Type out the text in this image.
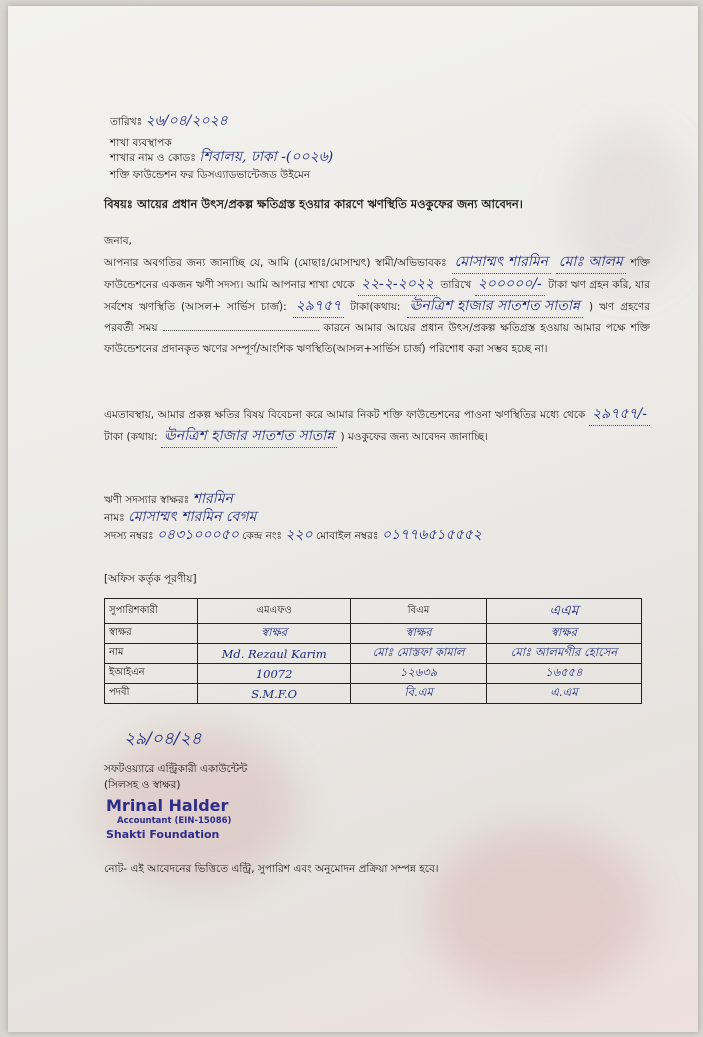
তারিখঃ ২৬/০৪/২০২৪
শাখা ব্যবস্থাপক
শাখার নাম ও কোডঃ শিবালয়, ঢাকা -(০০২৬)
শক্তি ফাউন্ডেশন ফর ডিসএ্যাডভান্টেজড উইমেন
বিষয়ঃ আয়ের প্রধান উৎস/প্রকল্প ক্ষতিগ্রস্ত হওয়ার কারণে ঋণস্থিতি মওকুফের জন্য আবেদন।
জনাব,
আপনার অবগতির জন্য জানাচ্ছি যে, আমি (মোছাঃ/মোসাম্মৎ) স্বামী/অভিভাবকঃ মোসাম্মৎ শারমিন মোঃ আলম শক্তি ফাউন্ডেশনের একজন ঋণী সদস্য। আমি আপনার শাখা থেকে ২২-২-২০২২ তারিখে ২০০০০০/- টাকা ঋণ গ্রহন করি, যার সর্বশেষ ঋণস্থিতি (আসল+ সার্ভিস চার্জ): ২৯৭৫৭ টাকা(কথায়: ঊনত্রিশ হাজার সাতশত সাতান্ন ) ঋণ গ্রহণের পরবর্তী সময়	কারনে আমার আয়ের প্রধান উৎস/প্রকল্প ক্ষতিগ্রস্ত হওয়ায় আমার পক্ষে শক্তি ফাউন্ডেশনের প্রদানকৃত ঋণের সম্পূর্ণ/আংশিক ঋণস্থিতি(আসল+সার্ভিস চার্জ) পরিশোধ করা সম্ভব হচ্ছে না।
এমতাবস্থায়, আমার প্রকল্প ক্ষতির বিষয় বিবেচনা করে আমার নিকট শক্তি ফাউন্ডেশনের পাওনা ঋণস্থিতির মধ্যে থেকে ২৯৭৫৭/- টাকা (কথায়: ঊনত্রিশ হাজার সাতশত সাতান্ন ) মওকুফের জন্য আবেদন জানাচ্ছি।
ঋণী সদস্যার স্বাক্ষরঃ শারমিন
নামঃ মোসাম্মৎ শারমিন বেগম
সদস্য নম্বরঃ ০৪৩১০০০৫০ কেন্দ্র নংঃ ২২০ মোবাইল নম্বরঃ ০১৭৭৬৫১৫৫৫২
[অফিস কর্তৃক পূরণীয়]
সুপারিশকারী	এমএফও	বিএম	এএম
স্বাক্ষর	স্বাক্ষর	স্বাক্ষর	স্বাক্ষর
নাম	Md. Rezaul Karim	মোঃ মোস্তফা কামাল	মোঃ আলমগীর হোসেন
ইআইএন	10072	১২৬৩৯	১৬৫৫৪
পদবী	S.M.F.O	বি.এম	এ.এম
২৯/০৪/২৪
সফটওয়্যারে এন্ট্রিকারী একাউন্টেন্ট
(সিলসহ ও স্বাক্ষর)
Mrinal Halder
Accountant (EIN-15086)
Shakti Foundation
নোট- এই আবেদনের ভিত্তিতে এন্ট্রি, সুপারিশ এবং অনুমোদন প্রক্রিয়া সম্পন্ন হবে।
